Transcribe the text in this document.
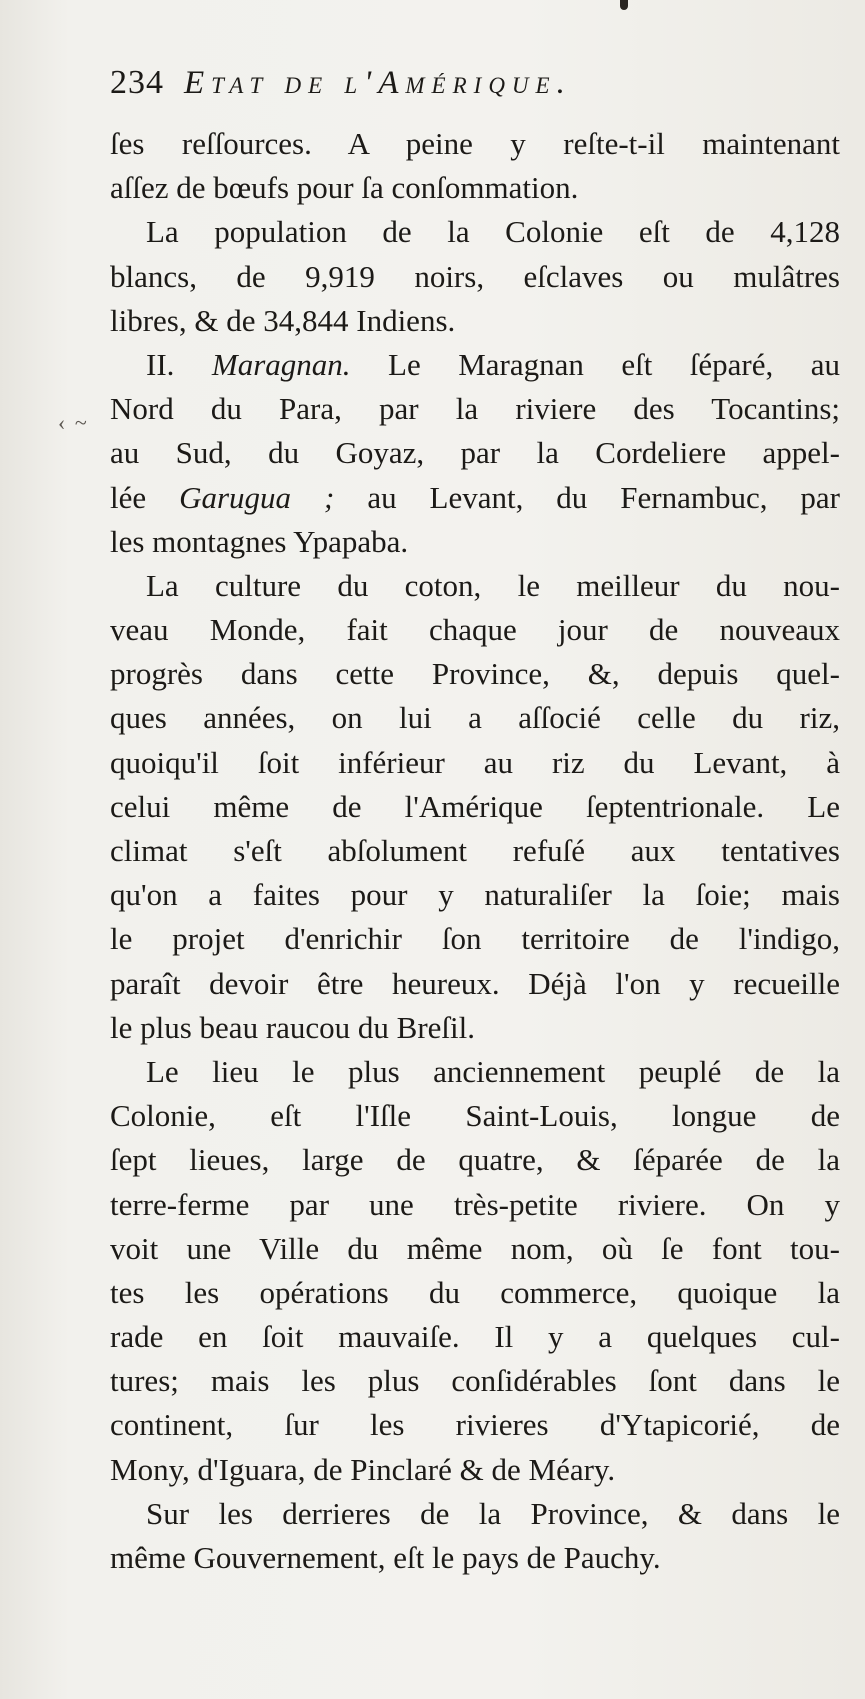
234 Etat de l'Amérique.
‹ ~
ſes reſſources. A peine y reſte-t-il maintenant
aſſez de bœufs pour ſa conſommation.
La population de la Colonie eſt de 4,128
blancs, de 9,919 noirs, eſclaves ou mulâtres
libres, & de 34,844 Indiens.
II. Maragnan. Le Maragnan eſt ſéparé, au
Nord du Para, par la riviere des Tocantins;
au Sud, du Goyaz, par la Cordeliere appel-
lée Garugua ; au Levant, du Fernambuc, par
les montagnes Ypapaba.
La culture du coton, le meilleur du nou-
veau Monde, fait chaque jour de nouveaux
progrès dans cette Province, &, depuis quel-
ques années, on lui a aſſocié celle du riz,
quoiqu'il ſoit inférieur au riz du Levant, à
celui même de l'Amérique ſeptentrionale. Le
climat s'eſt abſolument refuſé aux tentatives
qu'on a faites pour y naturaliſer la ſoie; mais
le projet d'enrichir ſon territoire de l'indigo,
paraît devoir être heureux. Déjà l'on y recueille
le plus beau raucou du Breſil.
Le lieu le plus anciennement peuplé de la
Colonie, eſt l'Iſle Saint-Louis, longue de
ſept lieues, large de quatre, & ſéparée de la
terre-ferme par une très-petite riviere. On y
voit une Ville du même nom, où ſe font tou-
tes les opérations du commerce, quoique la
rade en ſoit mauvaiſe. Il y a quelques cul-
tures; mais les plus conſidérables ſont dans le
continent, ſur les rivieres d'Ytapicorié, de
Mony, d'Iguara, de Pinclaré & de Méary.
Sur les derrieres de la Province, & dans le
même Gouvernement, eſt le pays de Pauchy.
